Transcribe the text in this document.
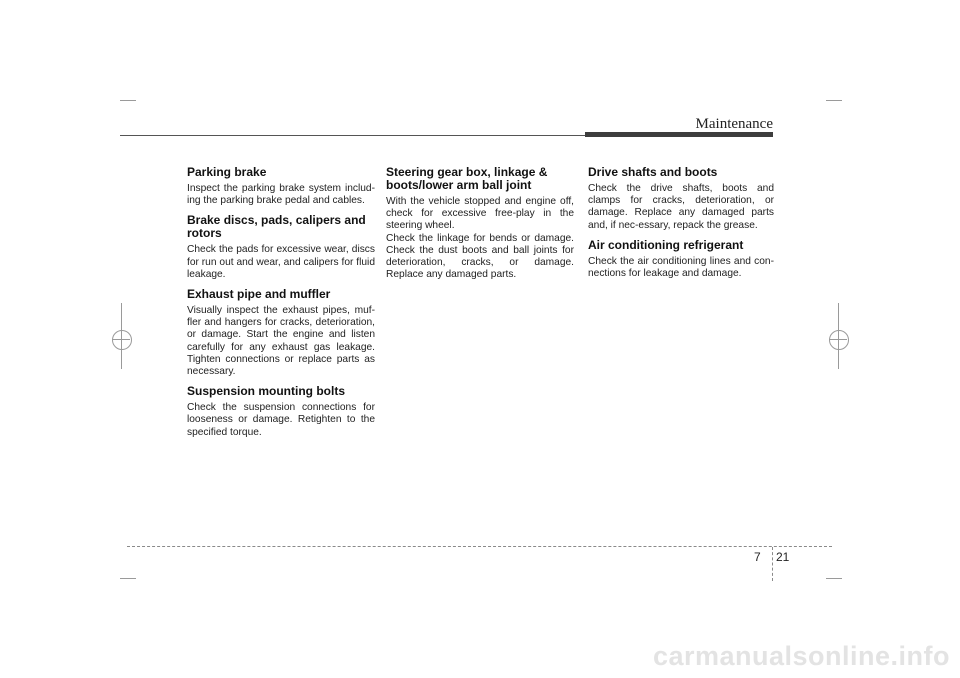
Maintenance

Parking brake

Inspect the parking brake system includ-ing the parking brake pedal and cables.

Brake discs, pads, calipers and rotors

Check the pads for excessive wear, discs for run out and wear, and calipers for fluid leakage.

Exhaust pipe and muffler

Visually inspect the exhaust pipes, muf-fler and hangers for cracks, deterioration, or damage. Start the engine and listen carefully for any exhaust gas leakage. Tighten connections or replace parts as necessary.

Suspension mounting bolts

Check the suspension connections for looseness or damage. Retighten to the specified torque.

Steering gear box, linkage & boots/lower arm ball joint

With the vehicle stopped and engine off, check for excessive free-play in the steering wheel.

Check the linkage for bends or damage. Check the dust boots and ball joints for deterioration, cracks, or damage. Replace any damaged parts.

Drive shafts and boots

Check the drive shafts, boots and clamps for cracks, deterioration, or damage. Replace any damaged parts and, if nec-essary, repack the grease.

Air conditioning refrigerant

Check the air conditioning lines and con-nections for leakage and damage.

7 21
carmanualsonline.info
